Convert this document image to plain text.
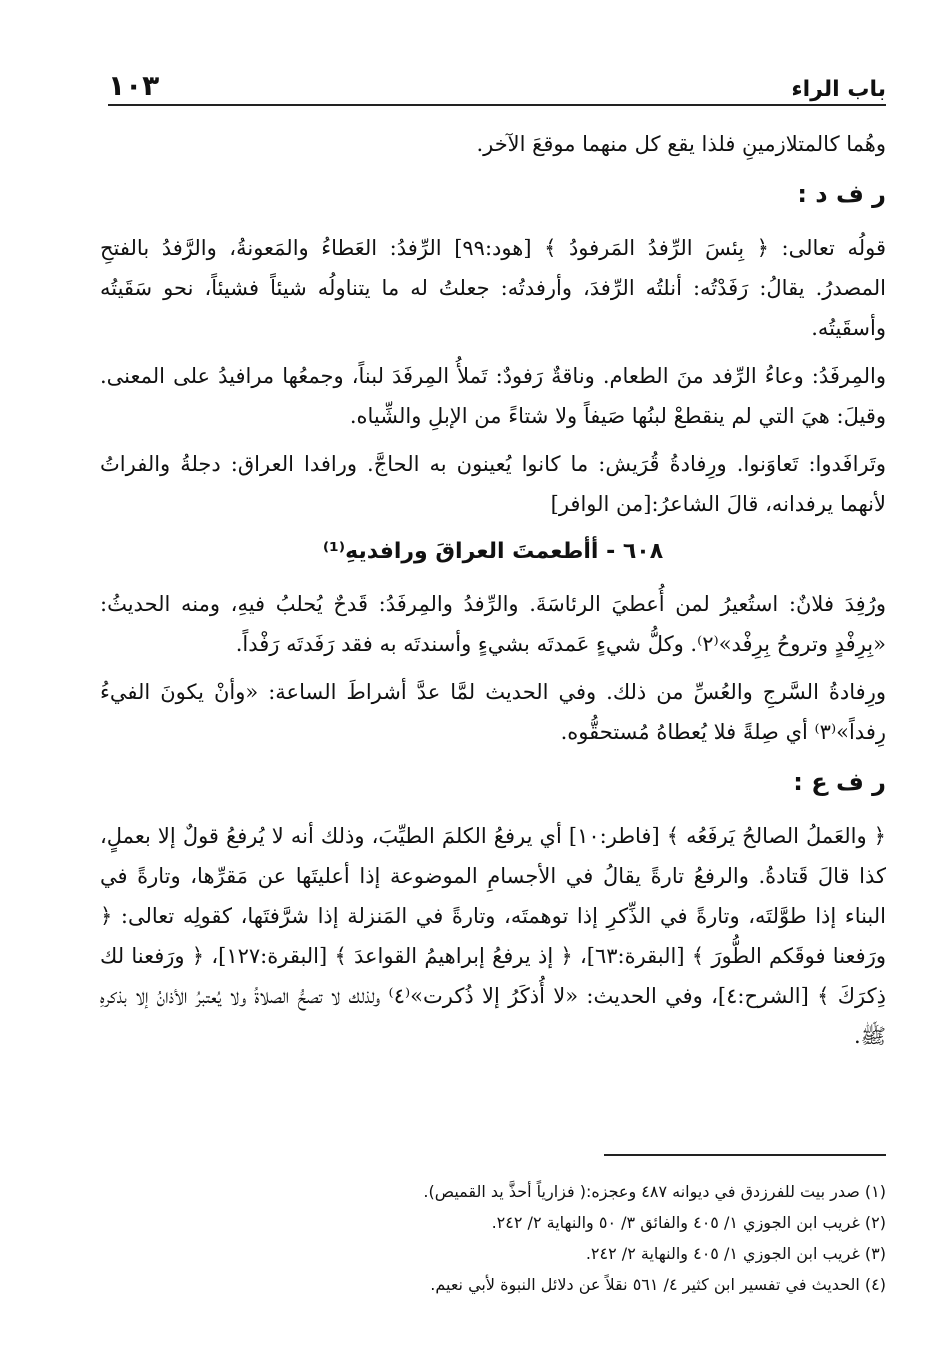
باب الراء
١٠٣

وهُما كالمتلازمينِ فلذا يقع كل منهما موقعَ الآخر.

ر ف د :

قولُه تعالى: ﴿ بِئسَ الرِّفدُ المَرفودُ ﴾ [هود:٩٩] الرِّفدُ: العَطاءُ والمَعونةُ، والرَّفدُ بالفتحِ المصدرُ. يقالُ: رَفَدْتُه: أنلتُه الرِّفدَ، وأرفدتُه: جعلتُ له ما يتناولُه شيئاً فشيئاً، نحو سَقَيتُه وأسقَيتُه.

والمِرفَدُ: وعاءُ الرِّفد منَ الطعام. وناقةٌ رَفودٌ: تَملأُ المِرفَدَ لبناً، وجمعُها مرافيدُ على المعنى. وقيلَ: هيَ التي لم ينقطعْ لبنُها صَيفاً ولا شتاءً من الإبلِ والشِّياه.

وتَرافَدوا: تَعاوَنوا. ورِفادةُ قُرَيش: ما كانوا يُعينون به الحاجَّ. ورافدا العراق: دجلةُ والفراتُ لأنهما يرفدانه، قالَ الشاعرُ:[من الوافر]

٦٠٨ - أأطعمتَ العراقَ ورافديهِ⁽¹⁾

ورُفِدَ فلانٌ: استُعيرُ لمن أُعطيَ الرئاسَةَ. والرِّفدُ والمِرفَدُ: قَدحٌ يُحلبُ فيهِ، ومنه الحديثُ: «بِرِفْدٍ وتروحُ بِرِفْد»⁽٢⁾. وكلُّ شيءٍ عَمدتَه بشيءٍ وأسندتَه به فقد رَفَدتَه رَفْداً.

ورِفادةُ السَّرجِ والعُسِّ من ذلك. وفي الحديث لمَّا عدَّ أشراطَ الساعة: «وأنْ يكونَ الفيءُ رِفداً»⁽٣⁾ أي صِلةً فلا يُعطاهُ مُستحقُّوه.

ر ف ع :

﴿ والعَملُ الصالحُ يَرفَعُه ﴾ [فاطر:١٠] أي يرفعُ الكلمَ الطيِّبَ، وذلك أنه لا يُرفعُ قولٌ إلا بعملٍ، كذا قالَ قَتادةُ. والرفعُ تارةً يقالُ في الأجسامِ الموضوعة إذا أعليتَها عن مَقرِّها، وتارةً في البناء إذا طوَّلتَه، وتارةً في الذِّكرِ إذا توهمتَه، وتارةً في المَنزلة إذا شرَّفتَها، كقولِه تعالى: ﴿ ورَفعنا فوقَكم الطُّورَ ﴾ [البقرة:٦٣]، ﴿ إذ يرفعُ إبراهيمُ القواعدَ ﴾ [البقرة:١٢٧]، ﴿ ورَفعنا لك ذِكرَكَ ﴾ [الشرح:٤]، وفي الحديث: «لا أُذكَرُ إلا ذُكرت»⁽٤⁾ ولذلك لا تصحُّ الصلاةُ ولا يُعتبرُ الأذانُ إلا بذكرهِ ﷺ.

(١) صدر بيت للفرزدق في ديوانه ٤٨٧ وعجزه:( فزارياً أحذَّ يد القميص).
(٢) غريب ابن الجوزي ١/ ٤٠٥ والفائق ٣/ ٥٠ والنهاية ٢/ ٢٤٢.
(٣) غريب ابن الجوزي ١/ ٤٠٥ والنهاية ٢/ ٢٤٢.
(٤) الحديث في تفسير ابن كثير ٤/ ٥٦١ نقلاً عن دلائل النبوة لأبي نعيم.
